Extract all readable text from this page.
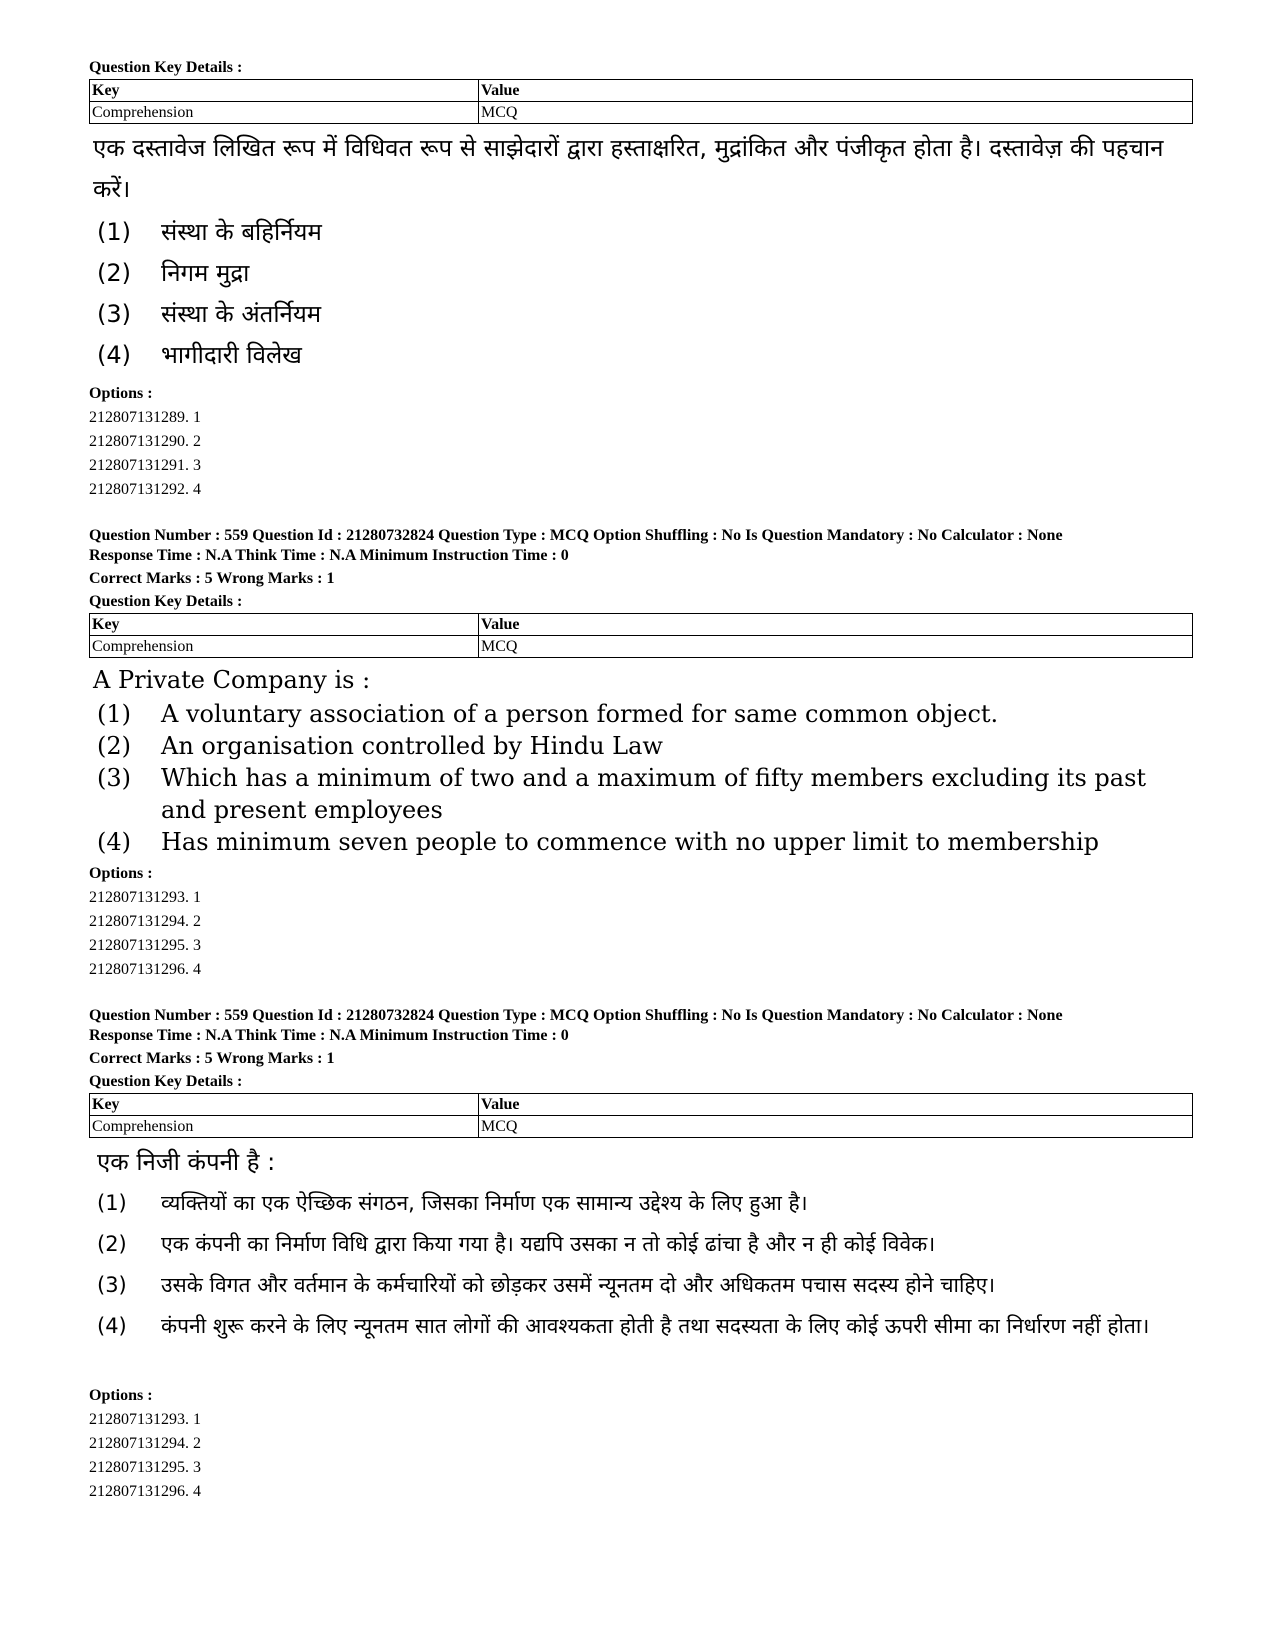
Question Key Details :

Key	Value
Comprehension	MCQ

एक दस्तावेज लिखित रूप में विधिवत रूप से साझेदारों द्वारा हस्ताक्षरित, मुद्रांकित और पंजीकृत होता है। दस्तावेज़ की पहचान करें।

(1)	संस्था के बहिर्नियम
(2)	निगम मुद्रा
(3)	संस्था के अंतर्नियम
(4)	भागीदारी विलेख

Options :

212807131289. 1
212807131290. 2
212807131291. 3
212807131292. 4

Question Number : 559 Question Id : 21280732824 Question Type : MCQ Option Shuffling : No Is Question Mandatory : No Calculator : None

Response Time : N.A Think Time : N.A Minimum Instruction Time : 0

Correct Marks : 5 Wrong Marks : 1

Question Key Details :

Key	Value
Comprehension	MCQ

A Private Company is :

(1)	A voluntary association of a person formed for same common object.
(2)	An organisation controlled by Hindu Law
(3)	Which has a minimum of two and a maximum of fifty members excluding its past and present employees
(4)	Has minimum seven people to commence with no upper limit to membership

Options :

212807131293. 1
212807131294. 2
212807131295. 3
212807131296. 4

Question Number : 559 Question Id : 21280732824 Question Type : MCQ Option Shuffling : No Is Question Mandatory : No Calculator : None

Response Time : N.A Think Time : N.A Minimum Instruction Time : 0

Correct Marks : 5 Wrong Marks : 1

Question Key Details :

Key	Value
Comprehension	MCQ

एक निजी कंपनी है :

(1)	व्यक्तियों का एक ऐच्छिक संगठन, जिसका निर्माण एक सामान्य उद्देश्य के लिए हुआ है।
(2)	एक कंपनी का निर्माण विधि द्वारा किया गया है। यद्यपि उसका न तो कोई ढांचा है और न ही कोई विवेक।
(3)	उसके विगत और वर्तमान के कर्मचारियों को छोड़कर उसमें न्यूनतम दो और अधिकतम पचास सदस्य होने चाहिए।
(4)	कंपनी शुरू करने के लिए न्यूनतम सात लोगों की आवश्यकता होती है तथा सदस्यता के लिए कोई ऊपरी सीमा का निर्धारण नहीं होता।

Options :

212807131293. 1
212807131294. 2
212807131295. 3
212807131296. 4
